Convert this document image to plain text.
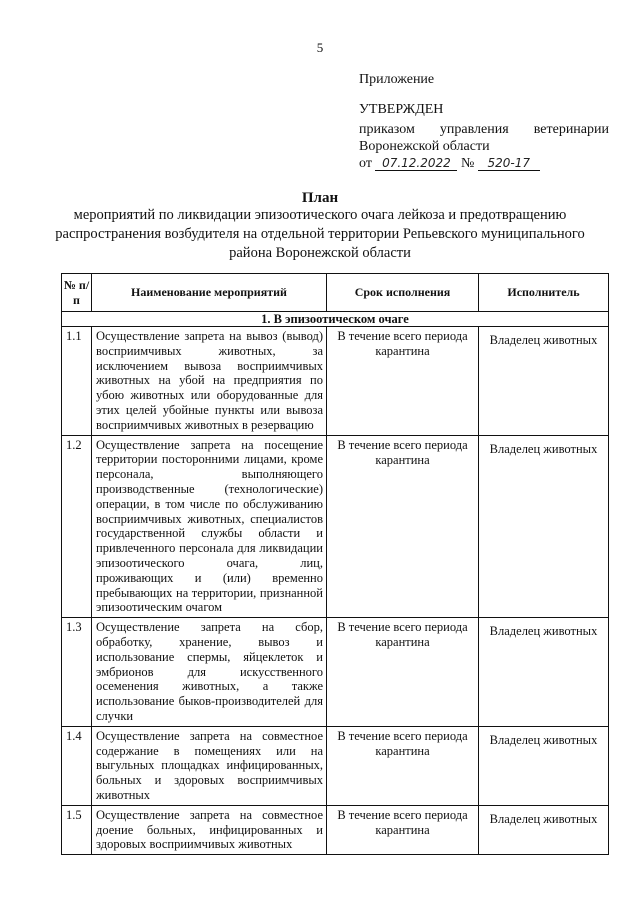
5
Приложение
УТВЕРЖДЕН
приказом управления ветеринарии
Воронежской области
от 07.12.2022 № 520-17
План
мероприятий по ликвидации эпизоотического очага лейкоза и предотвращению распространения возбудителя на отдельной территории Репьевского муниципального района Воронежской области
№ п/п	Наименование мероприятий	Срок исполнения	Исполнитель
1. В эпизоотическом очаге			
1.1	Осуществление запрета на вывоз (вывод) восприимчивых животных, за исключением вывоза восприимчивых животных на убой на предприятия по убою животных или оборудованные для этих целей убойные пункты или вывоза восприимчивых животных в резервацию	В течение всего периода карантина	Владелец животных
1.2	Осуществление запрета на посещение территории посторонними лицами, кроме персонала, выполняющего производственные (технологические) операции, в том числе по обслуживанию восприимчивых животных, специалистов государственной службы области и привлеченного персонала для ликвидации эпизоотического очага, лиц, проживающих и (или) временно пребывающих на территории, признанной эпизоотическим очагом	В течение всего периода карантина	Владелец животных
1.3	Осуществление запрета на сбор, обработку, хранение, вывоз и использование спермы, яйцеклеток и эмбрионов для искусственного осеменения животных, а также использование быков-производителей для случки	В течение всего периода карантина	Владелец животных
1.4	Осуществление запрета на совместное содержание в помещениях или на выгульных площадках инфицированных, больных и здоровых восприимчивых животных	В течение всего периода карантина	Владелец животных
1.5	Осуществление запрета на совместное доение больных, инфицированных и здоровых восприимчивых животных	В течение всего периода карантина	Владелец животных
